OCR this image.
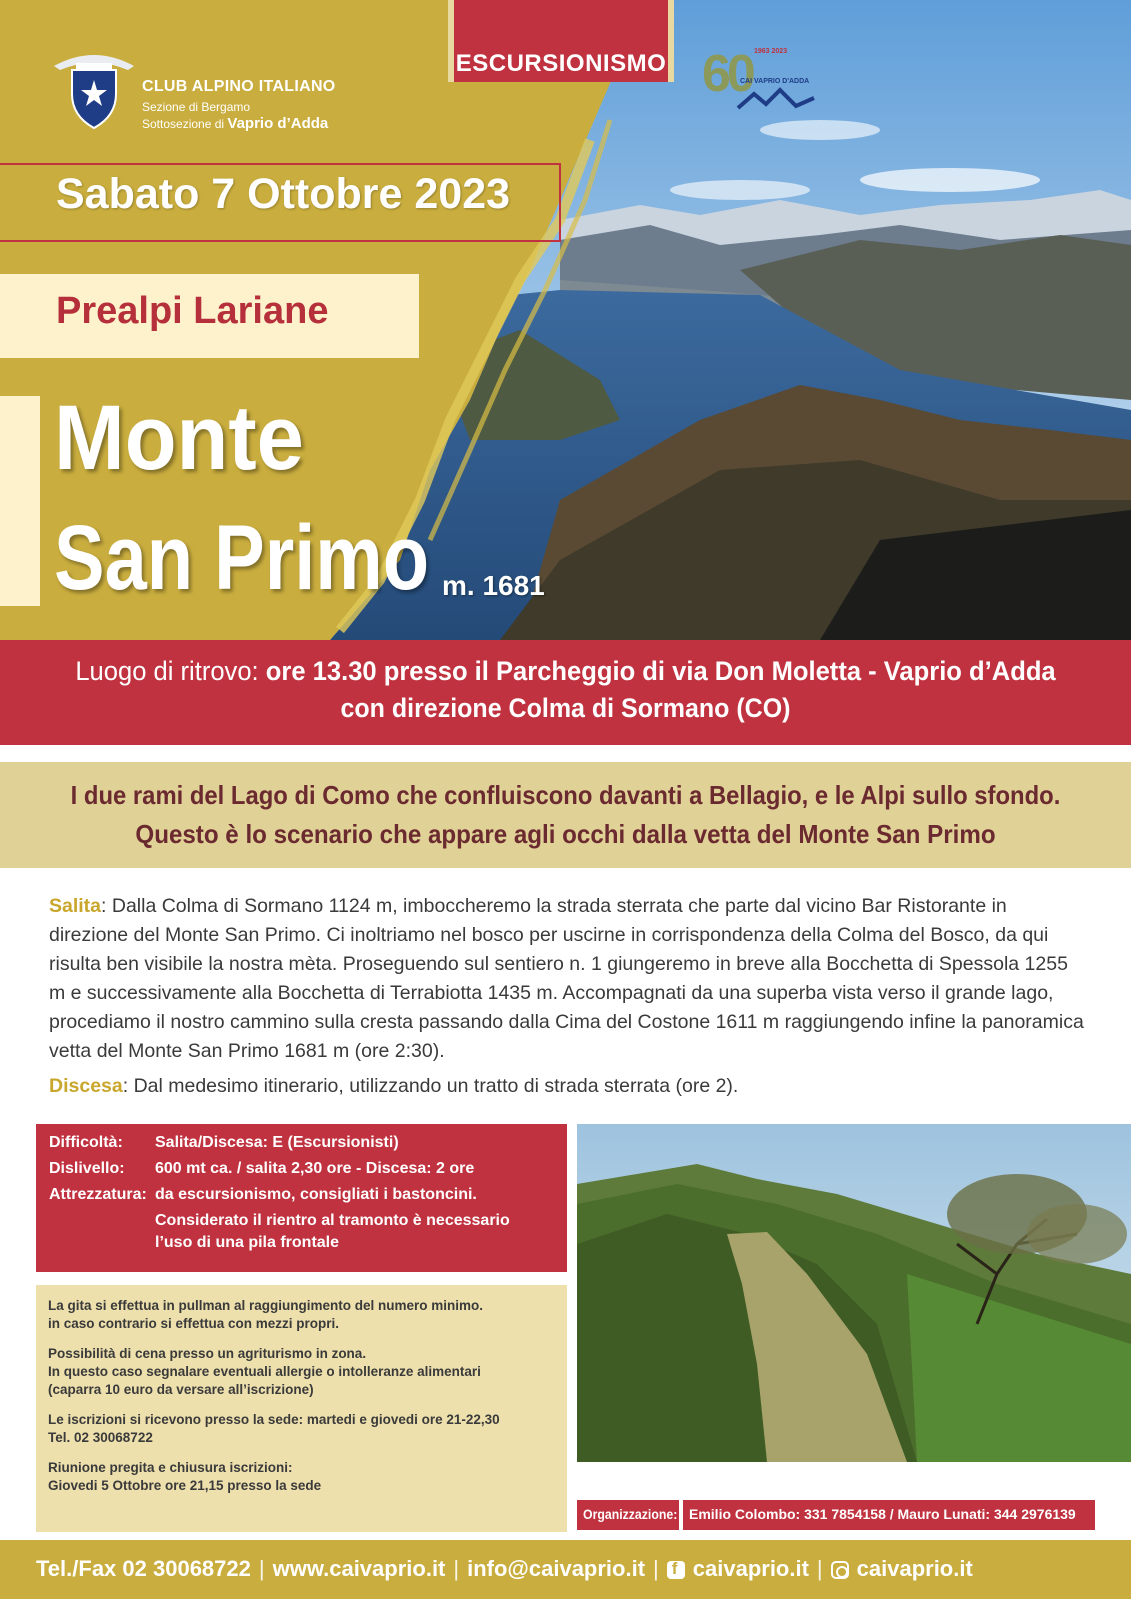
CLUB ALPINO ITALIANO
Sezione di Bergamo
Sottosezione di Vaprio d’Adda
ESCURSIONISMO 60 1963 2023
CAI VAPRIO D'ADDA
Sabato 7 Ottobre 2023
Prealpi Lariane
Monte
San Primo m. 1681
Luogo di ritrovo: ore 13.30 presso il Parcheggio di via Don Moletta - Vaprio d’Adda
con direzione Colma di Sormano (CO)
I due rami del Lago di Como che confluiscono davanti a Bellagio, e le Alpi sullo sfondo.
Questo è lo scenario che appare agli occhi dalla vetta del Monte San Primo

Salita: Dalla Colma di Sormano 1124 m, imboccheremo la strada sterrata che parte dal vicino Bar Ristorante in direzione del Monte San Primo. Ci inoltriamo nel bosco per uscirne in corrispondenza della Colma del Bosco, da qui risulta ben visibile la nostra mèta. Proseguendo sul sentiero n. 1 giungeremo in breve alla Bocchetta di Spessola 1255 m e successivamente alla Bocchetta di Terrabiotta 1435 m. Accompagnati da una superba vista verso il grande lago, procediamo il nostro cammino sulla cresta passando dalla Cima del Costone 1611 m raggiungendo infine la panoramica vetta del Monte San Primo 1681 m (ore 2:30).

Discesa: Dal medesimo itinerario, utilizzando un tratto di strada sterrata (ore 2).

Difficoltà: Salita/Discesa: E (Escursionisti)
Dislivello: 600 mt ca. / salita 2,30 ore - Discesa: 2 ore
Attrezzatura: da escursionismo, consigliati i bastoncini.
Considerato il rientro al tramonto è necessario
l’uso di una pila frontale

La gita si effettua in pullman al raggiungimento del numero minimo.
in caso contrario si effettua con mezzi propri.

Possibilità di cena presso un agriturismo in zona.
In questo caso segnalare eventuali allergie o intolleranze alimentari
(caparra 10 euro da versare all’iscrizione)

Le iscrizioni si ricevono presso la sede: martedi e giovedi ore 21-22,30
Tel. 02 30068722

Riunione pregita e chiusura iscrizioni:
Giovedi 5 Ottobre ore 21,15 presso la sede

Organizzazione: Emilio Colombo: 331 7854158 / Mauro Lunati: 344 2976139
Tel./Fax 02 30068722 | www.caivaprio.it | info@caivaprio.it |
f caivaprio.it | caivaprio.it
